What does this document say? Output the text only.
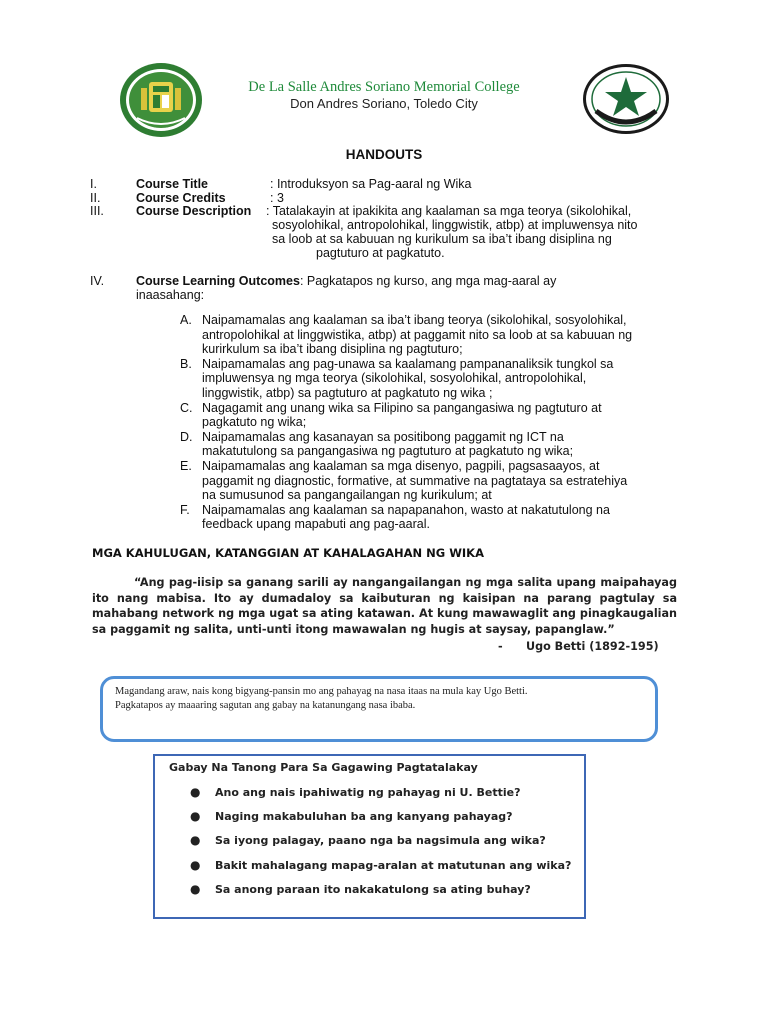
De La Salle Andres Soriano Memorial College
Don Andres Soriano, Toledo City
HANDOUTS
I.	Course Title	: Introduksyon sa Pag-aaral ng Wika
II.	Course Credits	: 3
III.	Course Description : Tatalakayin at ipakikita ang kaalaman sa mga teorya (sikolohikal,
sosyolohikal, antropolohikal, linggwistik, atbp) at impluwensya nito
sa loob at sa kabuuan ng kurikulum sa iba’t ibang disiplina ng
pagtuturo at pagkatuto.
IV.	Course Learning Outcomes: Pagkatapos ng kurso, ang mga mag-aaral ay
inaasahang:
A. Naipamamalas ang kaalaman sa iba’t ibang teorya (sikolohikal, sosyolohikal,
antropolohikal at linggwistika, atbp) at paggamit nito sa loob at sa kabuuan ng
kurirkulum sa iba’t ibang disiplina ng pagtuturo;
B. Naipamamalas ang pag-unawa sa kaalamang pampananaliksik tungkol sa
impluwensya ng mga teorya (sikolohikal, sosyolohikal, antropolohikal,
linggwistik, atbp) sa pagtuturo at pagkatuto ng wika ;
C. Nagagamit ang unang wika sa Filipino sa pangangasiwa ng pagtuturo at
pagkatuto ng wika;
D. Naipamamalas ang kasanayan sa positibong paggamit ng ICT na
makatutulong sa pangangasiwa ng pagtuturo at pagkatuto ng wika;
E. Naipamamalas ang kaalaman sa mga disenyo, pagpili, pagsasaayos, at
paggamit ng diagnostic, formative, at summative na pagtataya sa estratehiya
na sumusunod sa pangangailangan ng kurikulum; at
F. Naipamamalas ang kaalaman sa napapanahon, wasto at nakatutulong na
feedback upang mapabuti ang pag-aaral.
MGA KAHULUGAN, KATANGGIAN AT KAHALAGAHAN NG WIKA
“Ang pag-iisip sa ganang sarili ay nangangailangan ng mga salita upang maipahayag ito nang mabisa. Ito ay dumadaloy sa kaibuturan ng kaisipan na parang pagtulay sa mahabang network ng mga ugat sa ating katawan. At kung mawawaglit ang pinagkaugalian sa paggamit ng salita, unti-unti itong mawawalan ng hugis at saysay, papanglaw.”
-      Ugo Betti (1892-195)
Magandang araw, nais kong bigyang-pansin mo ang pahayag na nasa itaas na mula kay Ugo Betti.
Pagkatapos ay maaaring sagutan ang gabay na katanungang nasa ibaba.
Gabay Na Tanong Para Sa Gagawing Pagtatalakay
●	Ano ang nais ipahiwatig ng pahayag ni U. Bettie?
●	Naging makabuluhan ba ang kanyang pahayag?
●	Sa iyong palagay, paano nga ba nagsimula ang wika?
●	Bakit mahalagang mapag-aralan at matutunan ang wika?
●	Sa anong paraan ito nakakatulong sa ating buhay?
